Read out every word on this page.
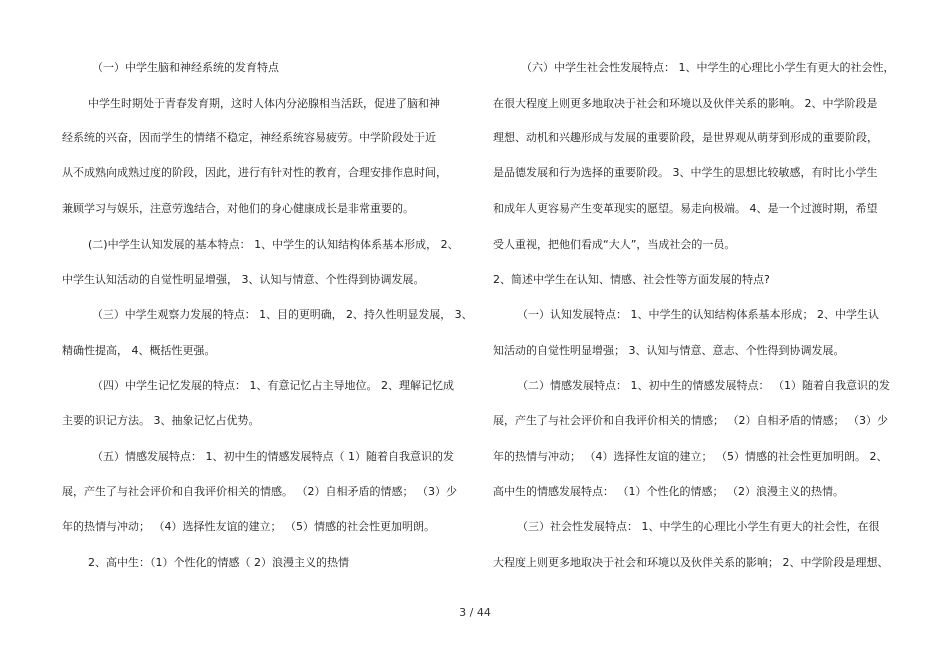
（一）中学生脑和神经系统的发育特点
中学生时期处于青春发育期，这时人体内分泌腺相当活跃，促进了脑和神
经系统的兴奋，因而学生的情绪不稳定，神经系统容易疲劳。中学阶段处于近
从不成熟向成熟过度的阶段，因此，进行有针对性的教育，合理安排作息时间，
兼顾学习与娱乐，注意劳逸结合，对他们的身心健康成长是非常重要的。
(二)中学生认知发展的基本特点： 1、中学生的认知结构体系基本形成， 2、
中学生认知活动的自觉性明显增强， 3、认知与情意、个性得到协调发展。
（三）中学生观察力发展的特点： 1、目的更明确， 2、持久性明显发展， 3、
精确性提高， 4、概括性更强。
（四）中学生记忆发展的特点： 1、有意记忆占主导地位。 2、理解记忆成
主要的识记方法。 3、抽象记忆占优势。
（五）情感发展特点： 1、初中生的情感发展特点（ 1）随着自我意识的发
展，产生了与社会评价和自我评价相关的情感。 （2）自相矛盾的情感； （3）少
年的热情与冲动； （4）选择性友谊的建立； （5）情感的社会性更加明朗。
2、高中生：（1）个性化的情感（ 2）浪漫主义的热情
（六）中学生社会性发展特点： 1、中学生的心理比小学生有更大的社会性，
在很大程度上则更多地取决于社会和环境以及伙伴关系的影响。 2、中学阶段是
理想、动机和兴趣形成与发展的重要阶段，是世界观从萌芽到形成的重要阶段，
是品德发展和行为选择的重要阶段。 3、中学生的思想比较敏感，有时比小学生
和成年人更容易产生变革现实的愿望。易走向极端。 4、是一个过渡时期，希望
受人重视，把他们看成“大人”，当成社会的一员。
2、简述中学生在认知、情感、社会性等方面发展的特点?
（一）认知发展特点： 1、中学生的认知结构体系基本形成； 2、中学生认
知活动的自觉性明显增强； 3、认知与情意、意志、个性得到协调发展。
（二）情感发展特点： 1、初中生的情感发展特点： （1）随着自我意识的发
展，产生了与社会评价和自我评价相关的情感； （2）自相矛盾的情感； （3）少
年的热情与冲动； （4）选择性友谊的建立； （5）情感的社会性更加明朗。 2、
高中生的情感发展特点： （1）个性化的情感； （2）浪漫主义的热情。
（三）社会性发展特点： 1、中学生的心理比小学生有更大的社会性，在很
大程度上则更多地取决于社会和环境以及伙伴关系的影响； 2、中学阶段是理想、
3 / 44
